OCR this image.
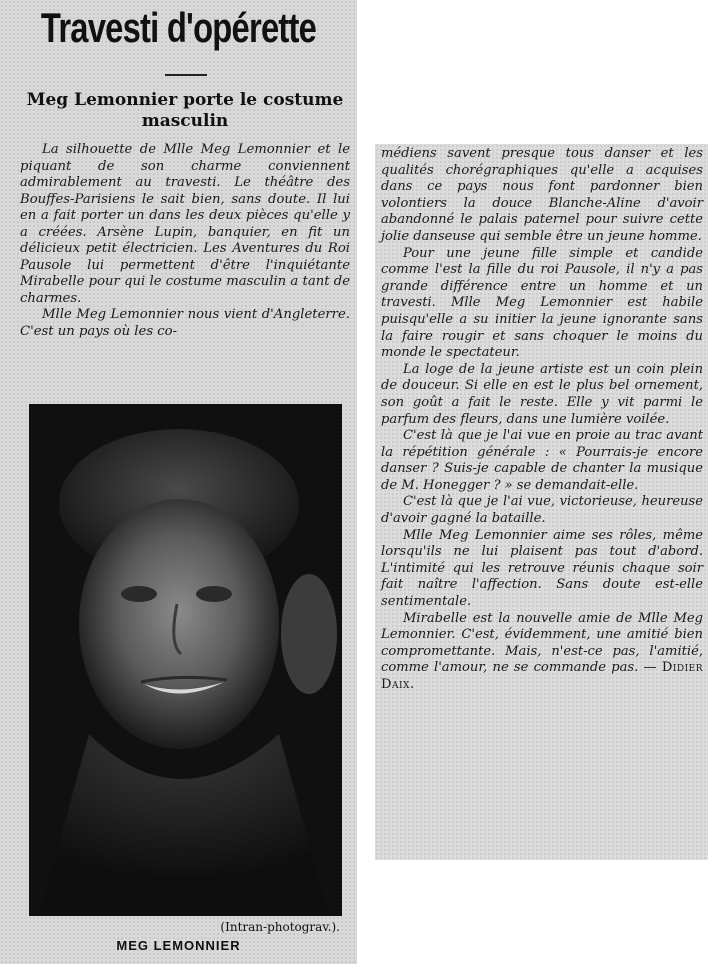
Travesti d'opérette
Meg Lemonnier porte le costume masculin

La silhouette de Mlle Meg Lemonnier et le piquant de son charme conviennent admirablement au travesti. Le théâtre des Bouffes-Parisiens le sait bien, sans doute. Il lui en a fait porter un dans les deux pièces qu'elle y a créées. Arsène Lupin, banquier, en fit un délicieux petit électricien. Les Aventures du Roi Pausole lui permettent d'être l'inquiétante Mirabelle pour qui le costume masculin a tant de charmes.

Mlle Meg Lemonnier nous vient d'Angleterre. C'est un pays où les co-

(Intran-photograv.).
MEG LEMONNIER

médiens savent presque tous danser et les qualités chorégraphiques qu'elle a acquises dans ce pays nous font pardonner bien volontiers la douce Blanche-Aline d'avoir abandonné le palais paternel pour suivre cette jolie danseuse qui semble être un jeune homme.

Pour une jeune fille simple et candide comme l'est la fille du roi Pausole, il n'y a pas grande différence entre un homme et un travesti. Mlle Meg Lemonnier est habile puisqu'elle a su initier la jeune ignorante sans la faire rougir et sans choquer le moins du monde le spectateur.

La loge de la jeune artiste est un coin plein de douceur. Si elle en est le plus bel ornement, son goût a fait le reste. Elle y vit parmi le parfum des fleurs, dans une lumière voilée.

C'est là que je l'ai vue en proie au trac avant la répétition générale : « Pourrais-je encore danser ? Suis-je capable de chanter la musique de M. Honegger ? » se demandait-elle.

C'est là que je l'ai vue, victorieuse, heureuse d'avoir gagné la bataille.

Mlle Meg Lemonnier aime ses rôles, même lorsqu'ils ne lui plaisent pas tout d'abord. L'intimité qui les retrouve réunis chaque soir fait naître l'affection. Sans doute est-elle sentimentale.

Mirabelle est la nouvelle amie de Mlle Meg Lemonnier. C'est, évidemment, une amitié bien compromettante. Mais, n'est-ce pas, l'amitié, comme l'amour, ne se commande pas. — Didier Daix.
